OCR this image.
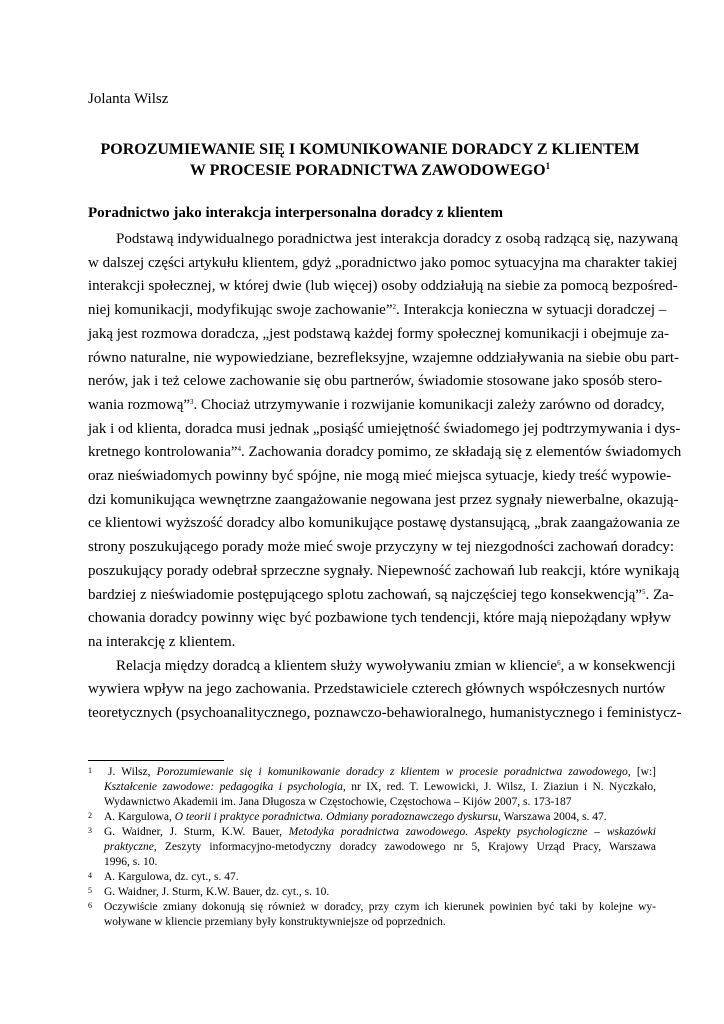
Jolanta Wilsz
POROZUMIEWANIE SIĘ I KOMUNIKOWANIE DORADCY Z KLIENTEM
W PROCESIE PORADNICTWA ZAWODOWEGO$^1$
Poradnictwo jako interakcja interpersonalna doradcy z klientem
Podstawą indywidualnego poradnictwa jest interakcja doradcy z osobą radzącą się, nazywaną
w dalszej części artykułu klientem, gdyż „poradnictwo jako pomoc sytuacyjna ma charakter takiej
interakcji społecznej, w której dwie (lub więcej) osoby oddziałują na siebie za pomocą bezpośred-
niej komunikacji, modyfikując swoje zachowanie”$^2$. Interakcja konieczna w sytuacji doradczej –
jaką jest rozmowa doradcza, „jest podstawą każdej formy społecznej komunikacji i obejmuje za-
równo naturalne, nie wypowiedziane, bezrefleksyjne, wzajemne oddziaływania na siebie obu part-
nerów, jak i też celowe zachowanie się obu partnerów, świadomie stosowane jako sposób stero-
wania rozmową”$^3$. Chociaż utrzymywanie i rozwijanie komunikacji zależy zarówno od doradcy,
jak i od klienta, doradca musi jednak „posiąść umiejętność świadomego jej podtrzymywania i dys-
kretnego kontrolowania”$^4$. Zachowania doradcy pomimo, ze składają się z elementów świadomych
oraz nieświadomych powinny być spójne, nie mogą mieć miejsca sytuacje, kiedy treść wypowie-
dzi komunikująca wewnętrzne zaangażowanie negowana jest przez sygnały niewerbalne, okazują-
ce klientowi wyższość doradcy albo komunikujące postawę dystansującą, „brak zaangażowania ze
strony poszukującego porady może mieć swoje przyczyny w tej niezgodności zachowań doradcy:
poszukujący porady odebrał sprzeczne sygnały. Niepewność zachowań lub reakcji, które wynikają
bardziej z nieświadomie postępującego splotu zachowań, są najczęściej tego konsekwencją”$^5$. Za-
chowania doradcy powinny więc być pozbawione tych tendencji, które mają niepożądany wpływ
na interakcję z klientem.
Relacja między doradcą a klientem służy wywoływaniu zmian w kliencie$^6$, a w konsekwencji
wywiera wpływ na jego zachowania. Przedstawiciele czterech głównych współczesnych nurtów
teoretycznych (psychoanalitycznego, poznawczo-behawioralnego, humanistycznego i feministycz-
1	J. Wilsz, Porozumiewanie się i komunikowanie doradcy z klientem w procesie poradnictwa zawodowego, [w:]
Kształcenie zawodowe: pedagogika i psychologia, nr IX, red. T. Lewowicki, J. Wilsz, I. Ziaziun i N. Nyczkało,
Wydawnictwo Akademii im. Jana Długosza w Częstochowie, Częstochowa – Kijów 2007, s. 173-187
2 A. Kargulowa, O teorii i praktyce poradnictwa. Odmiany poradoznawczego dyskursu, Warszawa 2004, s. 47.
3 G. Waidner, J. Sturm, K.W. Bauer, Metodyka poradnictwa zawodowego. Aspekty psychologiczne – wskazówki
praktyczne, Zeszyty informacyjno-metodyczny doradcy zawodowego nr 5, Krajowy Urząd Pracy, Warszawa
1996, s. 10.
4 A. Kargulowa, dz. cyt., s. 47.
5 G. Waidner, J. Sturm, K.W. Bauer, dz. cyt., s. 10.
6 Oczywiście zmiany dokonują się również w doradcy, przy czym ich kierunek powinien być taki by kolejne wy-
woływane w kliencie przemiany były konstruktywniejsze od poprzednich.
